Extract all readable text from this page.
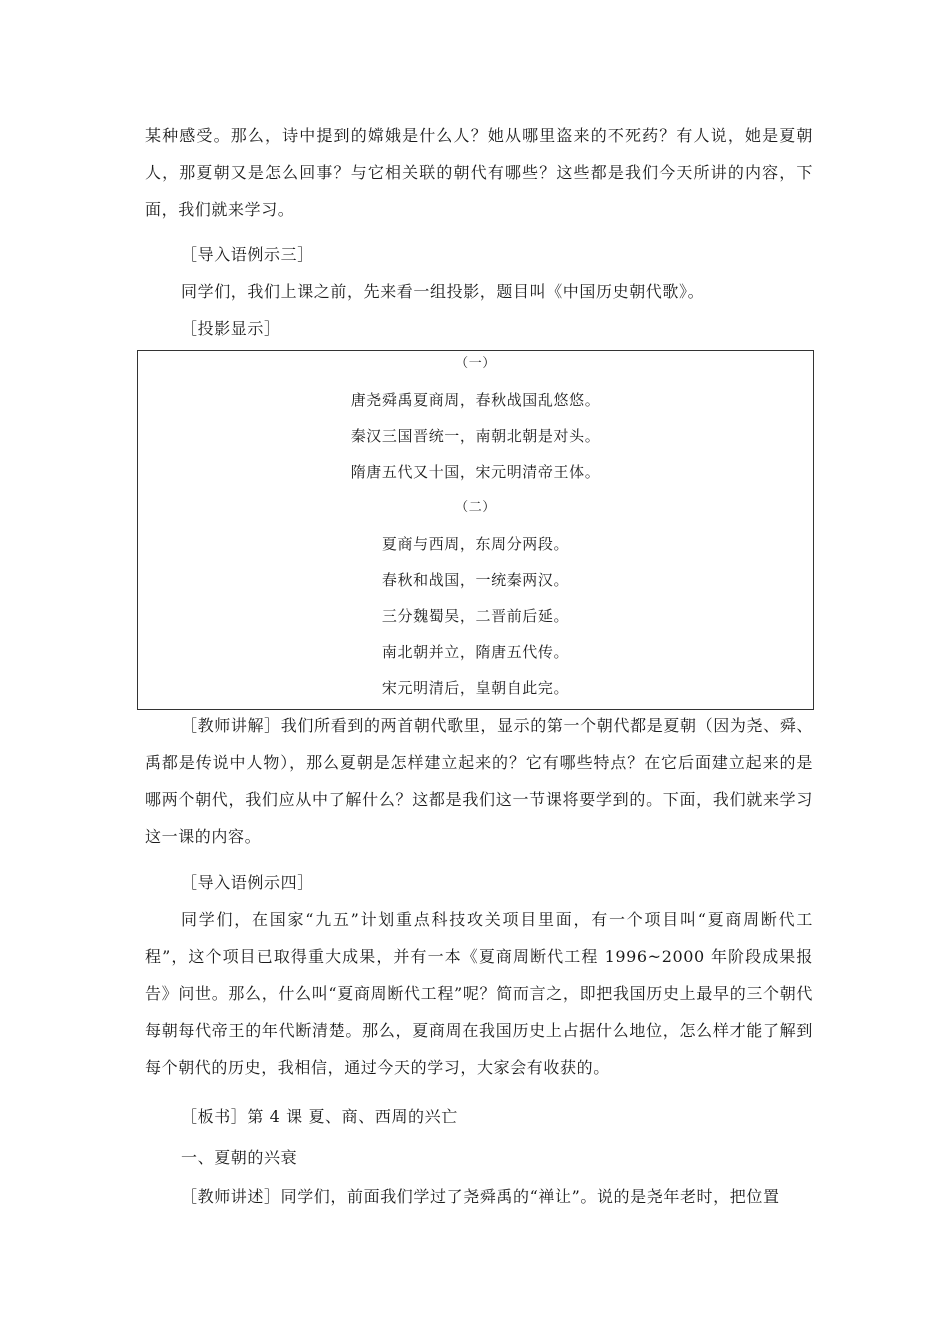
某种感受。那么，诗中提到的嫦娥是什么人？她从哪里盗来的不死药？有人说，她是夏朝人，那夏朝又是怎么回事？与它相关联的朝代有哪些？这些都是我们今天所讲的内容，下面，我们就来学习。
［导入语例示三］
同学们，我们上课之前，先来看一组投影，题目叫《中国历史朝代歌》。
［投影显示］
（一）
唐尧舜禹夏商周，春秋战国乱悠悠。
秦汉三国晋统一，南朝北朝是对头。
隋唐五代又十国，宋元明清帝王体。
（二）
夏商与西周，东周分两段。
春秋和战国，一统秦两汉。
三分魏蜀吴，二晋前后延。
南北朝并立，隋唐五代传。
宋元明清后，皇朝自此完。
［教师讲解］我们所看到的两首朝代歌里，显示的第一个朝代都是夏朝（因为尧、舜、禹都是传说中人物），那么夏朝是怎样建立起来的？它有哪些特点？在它后面建立起来的是哪两个朝代，我们应从中了解什么？这都是我们这一节课将要学到的。下面，我们就来学习这一课的内容。
［导入语例示四］
同学们，在国家“九五”计划重点科技攻关项目里面，有一个项目叫“夏商周断代工程”，这个项目已取得重大成果，并有一本《夏商周断代工程 1996~2000 年阶段成果报告》问世。那么，什么叫“夏商周断代工程”呢？简而言之，即把我国历史上最早的三个朝代每朝每代帝王的年代断清楚。那么，夏商周在我国历史上占据什么地位，怎么样才能了解到每个朝代的历史，我相信，通过今天的学习，大家会有收获的。
［板书］第 4 课 夏、商、西周的兴亡
一、夏朝的兴衰
［教师讲述］同学们，前面我们学过了尧舜禹的“禅让”。说的是尧年老时，把位置
